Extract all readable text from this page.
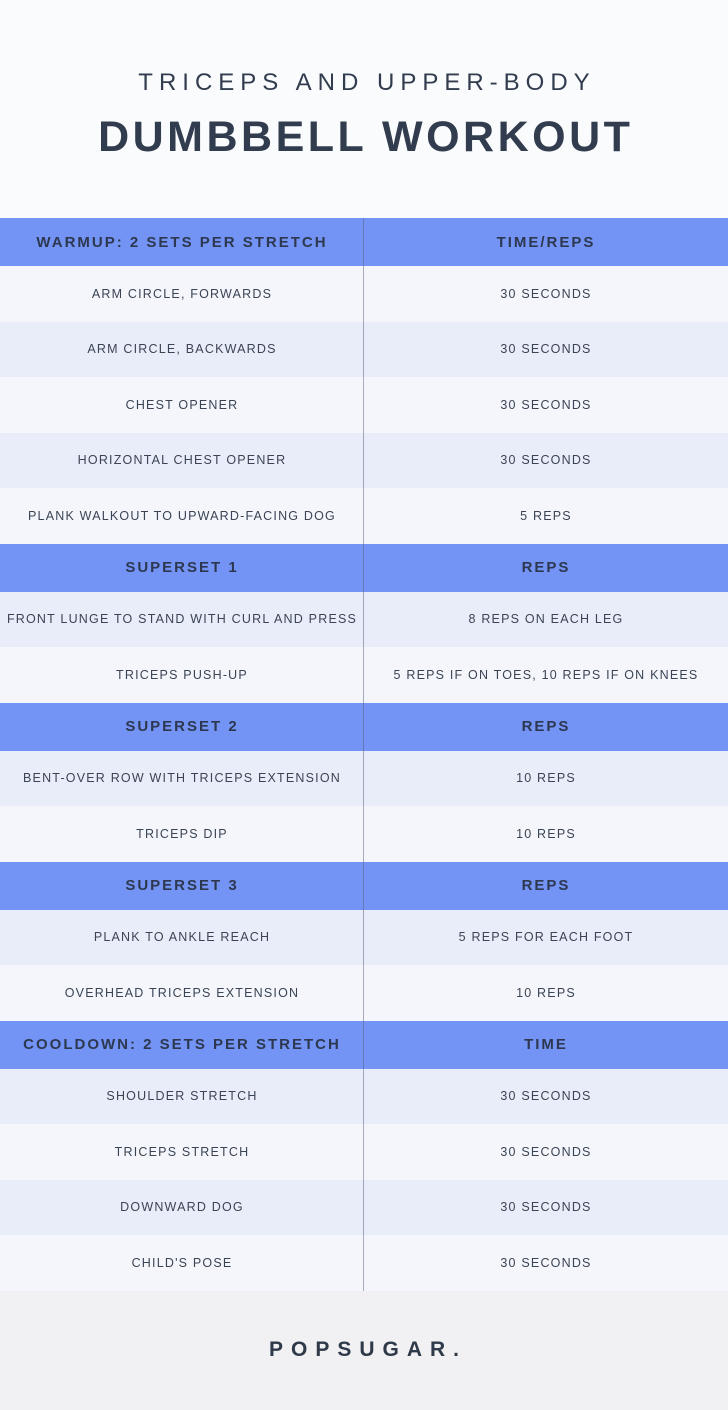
TRICEPS AND UPPER-BODY
DUMBBELL WORKOUT
WARMUP: 2 SETS PER STRETCH	TIME/REPS
ARM CIRCLE, FORWARDS	30 SECONDS
ARM CIRCLE, BACKWARDS	30 SECONDS
CHEST OPENER	30 SECONDS
HORIZONTAL CHEST OPENER	30 SECONDS
PLANK WALKOUT TO UPWARD-FACING DOG	5 REPS
SUPERSET 1	REPS
FRONT LUNGE TO STAND WITH CURL AND PRESS	8 REPS ON EACH LEG
TRICEPS PUSH-UP	5 REPS IF ON TOES, 10 REPS IF ON KNEES
SUPERSET 2	REPS
BENT-OVER ROW WITH TRICEPS EXTENSION	10 REPS
TRICEPS DIP	10 REPS
SUPERSET 3	REPS
PLANK TO ANKLE REACH	5 REPS FOR EACH FOOT
OVERHEAD TRICEPS EXTENSION	10 REPS
COOLDOWN: 2 SETS PER STRETCH	TIME
SHOULDER STRETCH	30 SECONDS
TRICEPS STRETCH	30 SECONDS
DOWNWARD DOG	30 SECONDS
CHILD'S POSE	30 SECONDS
POPSUGAR.
